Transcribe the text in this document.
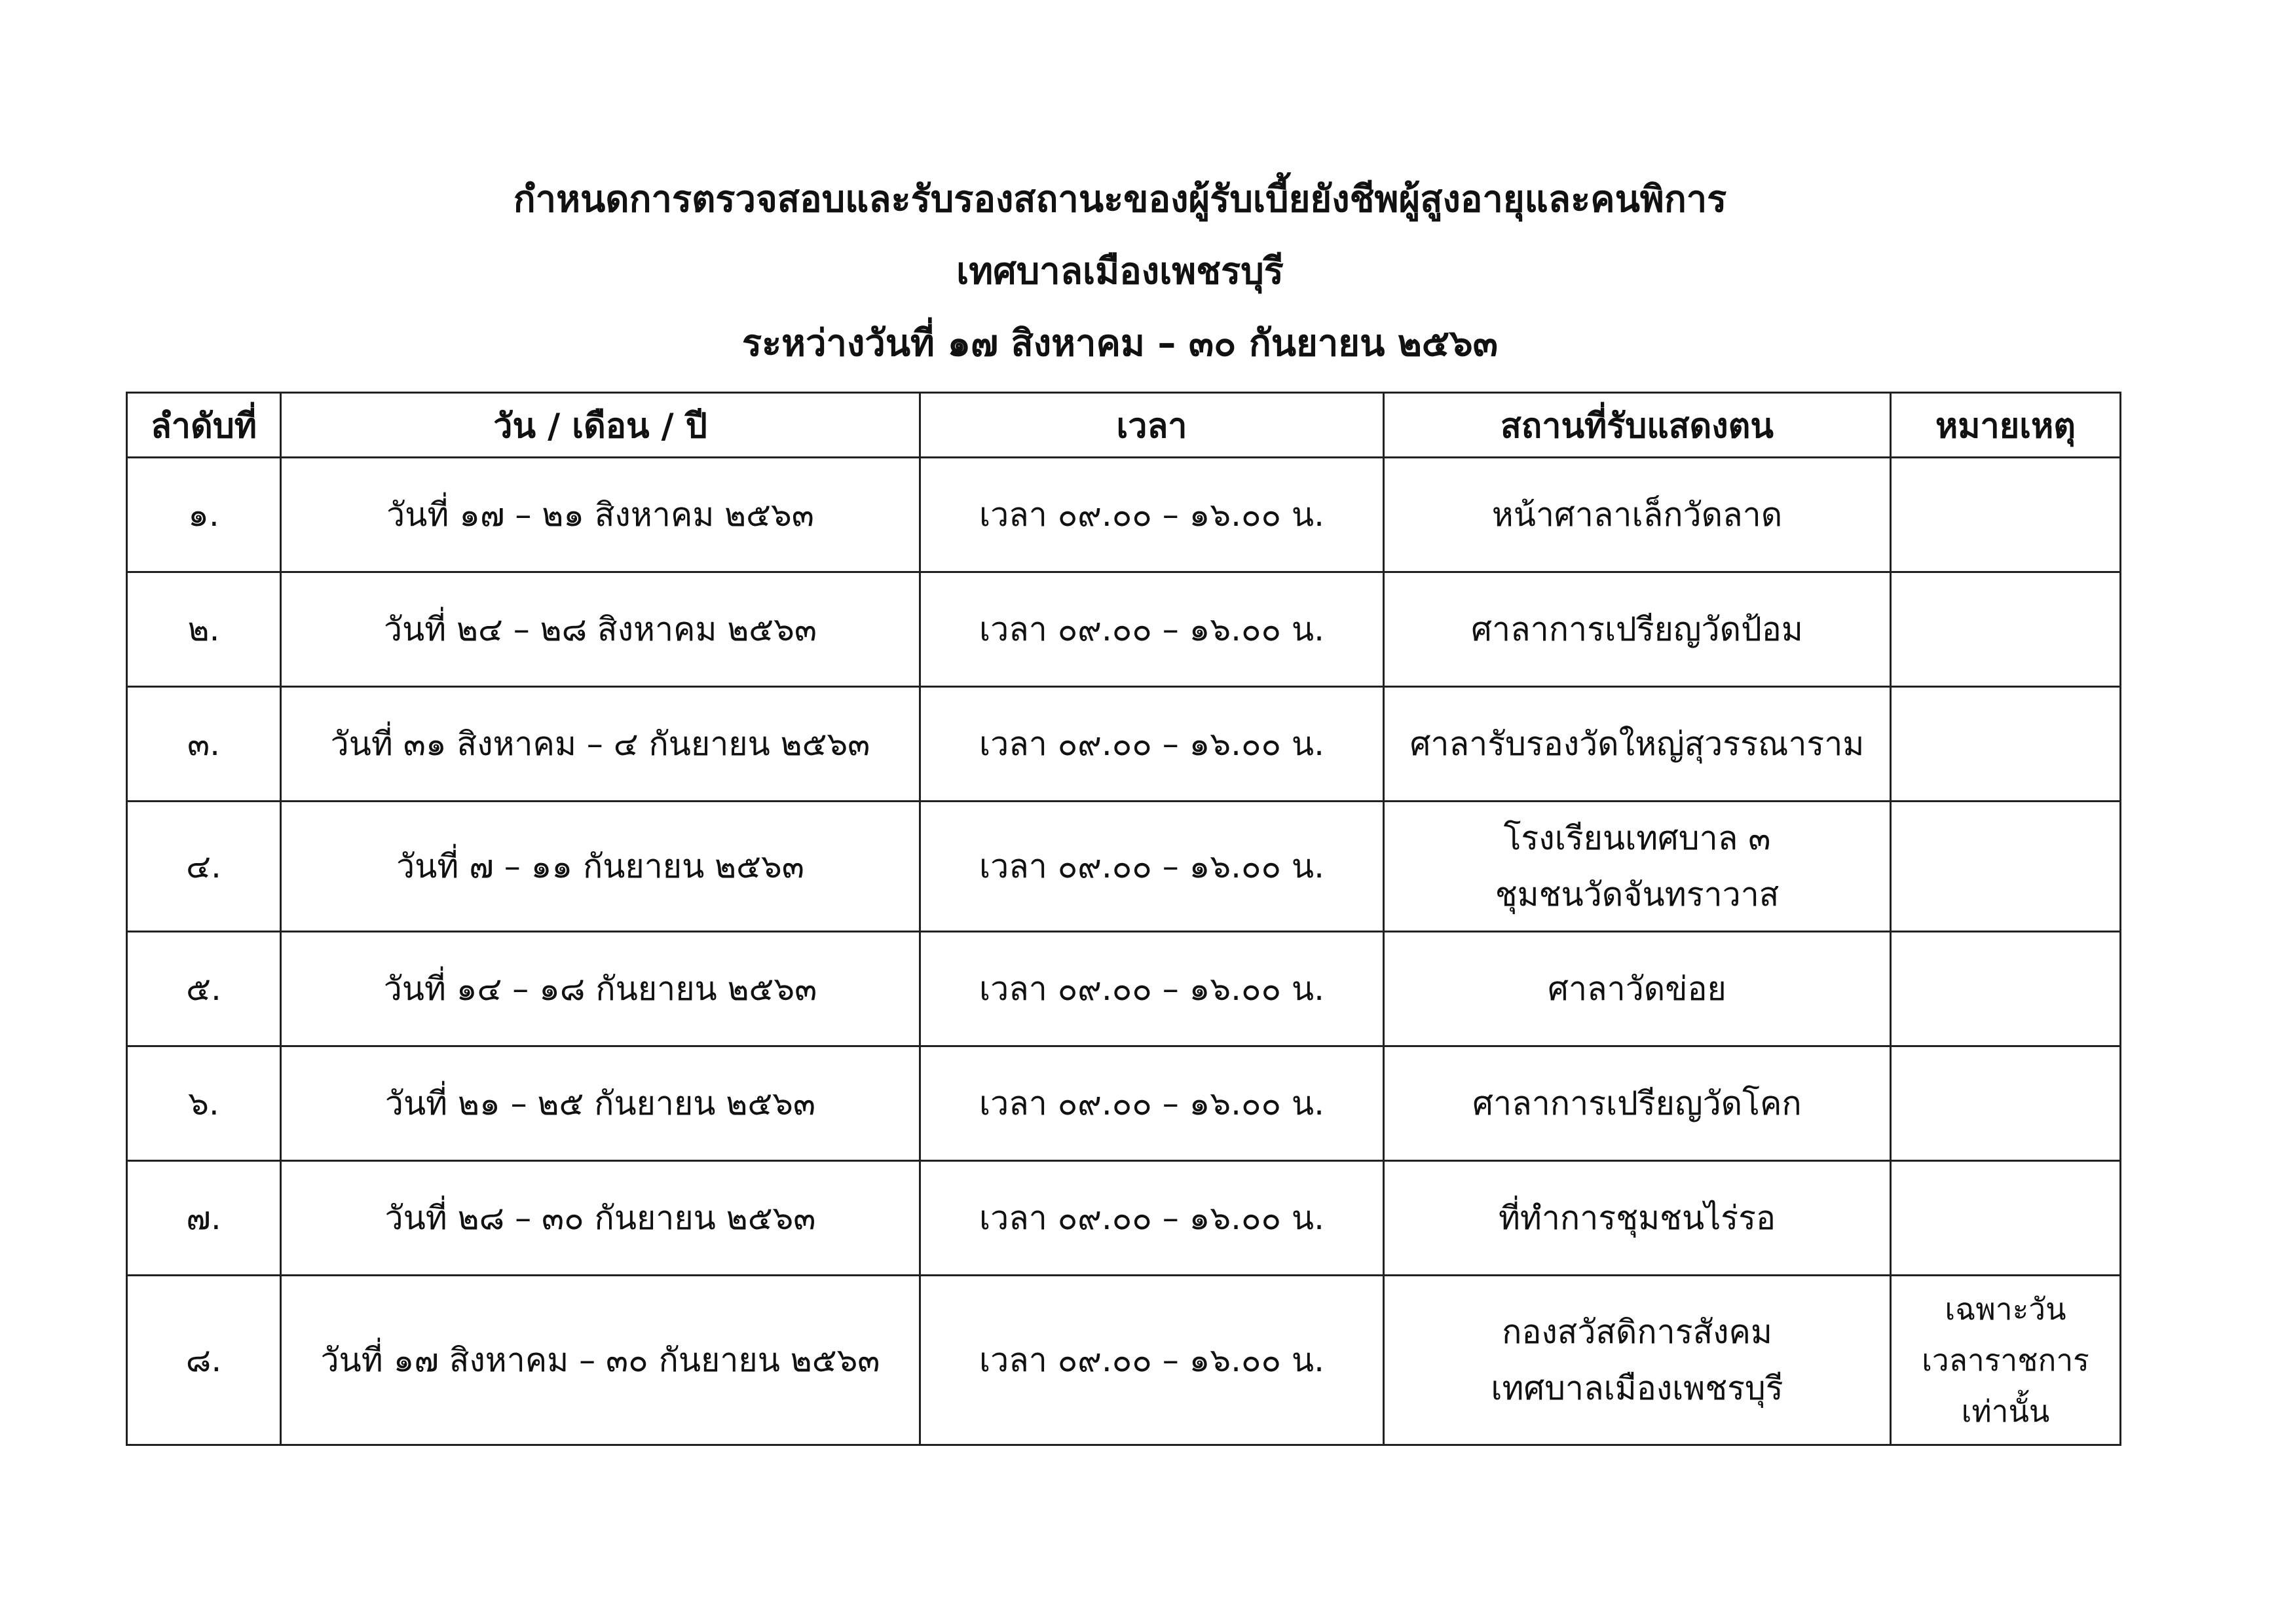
กำหนดการตรวจสอบและรับรองสถานะของผู้รับเบี้ยยังชีพผู้สูงอายุและคนพิการ
เทศบาลเมืองเพชรบุรี
ระหว่างวันที่ ๑๗ สิงหาคม – ๓๐ กันยายน ๒๕๖๓
ลำดับที่	วัน / เดือน / ปี	เวลา	สถานที่รับแสดงตน	หมายเหตุ
๑.	วันที่ ๑๗ – ๒๑ สิงหาคม ๒๕๖๓	เวลา ๐๙.๐๐ – ๑๖.๐๐ น.	หน้าศาลาเล็กวัดลาด	

๒.	วันที่ ๒๔ – ๒๘ สิงหาคม ๒๕๖๓	เวลา ๐๙.๐๐ – ๑๖.๐๐ น.	ศาลาการเปรียญวัดป้อม	

๓.	วันที่ ๓๑ สิงหาคม – ๔ กันยายน ๒๕๖๓	เวลา ๐๙.๐๐ – ๑๖.๐๐ น.	ศาลารับรองวัดใหญ่สุวรรณาราม	

๔.	วันที่ ๗ – ๑๑ กันยายน ๒๕๖๓	เวลา ๐๙.๐๐ – ๑๖.๐๐ น.	โรงเรียนเทศบาล ๓
ชุมชนวัดจันทราวาส	

๕.	วันที่ ๑๔ – ๑๘ กันยายน ๒๕๖๓	เวลา ๐๙.๐๐ – ๑๖.๐๐ น.	ศาลาวัดข่อย	

๖.	วันที่ ๒๑ – ๒๕ กันยายน ๒๕๖๓	เวลา ๐๙.๐๐ – ๑๖.๐๐ น.	ศาลาการเปรียญวัดโคก	

๗.	วันที่ ๒๘ – ๓๐ กันยายน ๒๕๖๓	เวลา ๐๙.๐๐ – ๑๖.๐๐ น.	ที่ทำการชุมชนไร่รอ	

๘.	วันที่ ๑๗ สิงหาคม – ๓๐ กันยายน ๒๕๖๓	เวลา ๐๙.๐๐ – ๑๖.๐๐ น.	กองสวัสดิการสังคม
เทศบาลเมืองเพชรบุรี	เฉพาะวัน
เวลาราชการ
เท่านั้น
